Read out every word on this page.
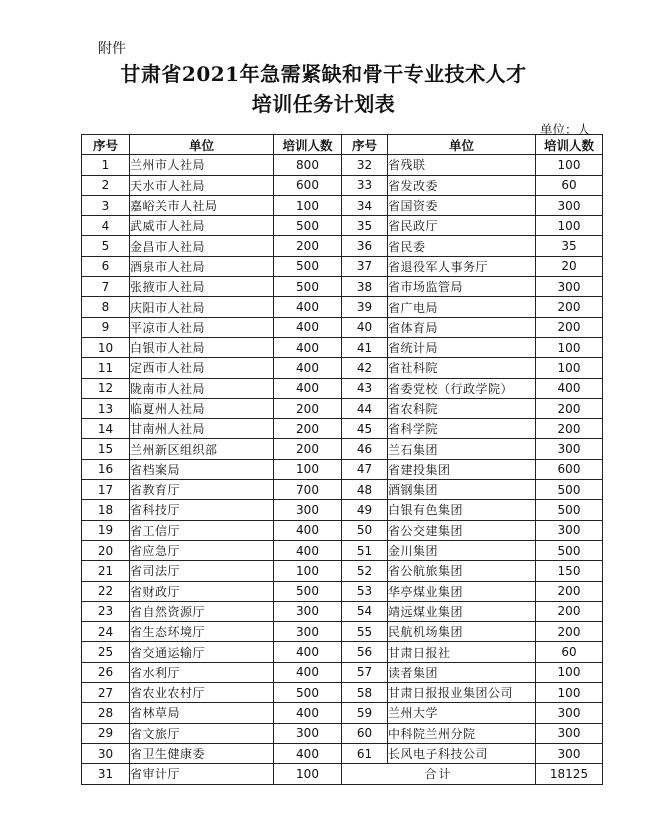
附件
甘肃省2021年急需紧缺和骨干专业技术人才
培训任务计划表
单位：人
序号	单位	培训人数	序号	单位	培训人数
1	兰州市人社局	800	32	省残联	100
2	天水市人社局	600	33	省发改委	60
3	嘉峪关市人社局	100	34	省国资委	300
4	武威市人社局	500	35	省民政厅	100
5	金昌市人社局	200	36	省民委	35
6	酒泉市人社局	500	37	省退役军人事务厅	20
7	张掖市人社局	500	38	省市场监管局	300
8	庆阳市人社局	400	39	省广电局	200
9	平凉市人社局	400	40	省体育局	200
10	白银市人社局	400	41	省统计局	100
11	定西市人社局	400	42	省社科院	100
12	陇南市人社局	400	43	省委党校（行政学院）	400
13	临夏州人社局	200	44	省农科院	200
14	甘南州人社局	200	45	省科学院	200
15	兰州新区组织部	200	46	兰石集团	300
16	省档案局	100	47	省建投集团	600
17	省教育厅	700	48	酒钢集团	500
18	省科技厅	300	49	白银有色集团	500
19	省工信厅	400	50	省公交建集团	300
20	省应急厅	400	51	金川集团	500
21	省司法厅	100	52	省公航旅集团	150
22	省财政厅	500	53	华亭煤业集团	200
23	省自然资源厅	300	54	靖远煤业集团	200
24	省生态环境厅	300	55	民航机场集团	200
25	省交通运输厅	400	56	甘肃日报社	60
26	省水利厅	400	57	读者集团	100
27	省农业农村厅	500	58	甘肃日报报业集团公司	100
28	省林草局	400	59	兰州大学	300
29	省文旅厅	300	60	中科院兰州分院	300
30	省卫生健康委	400	61	长风电子科技公司	300
31	省审计厅	100	合计		18125
